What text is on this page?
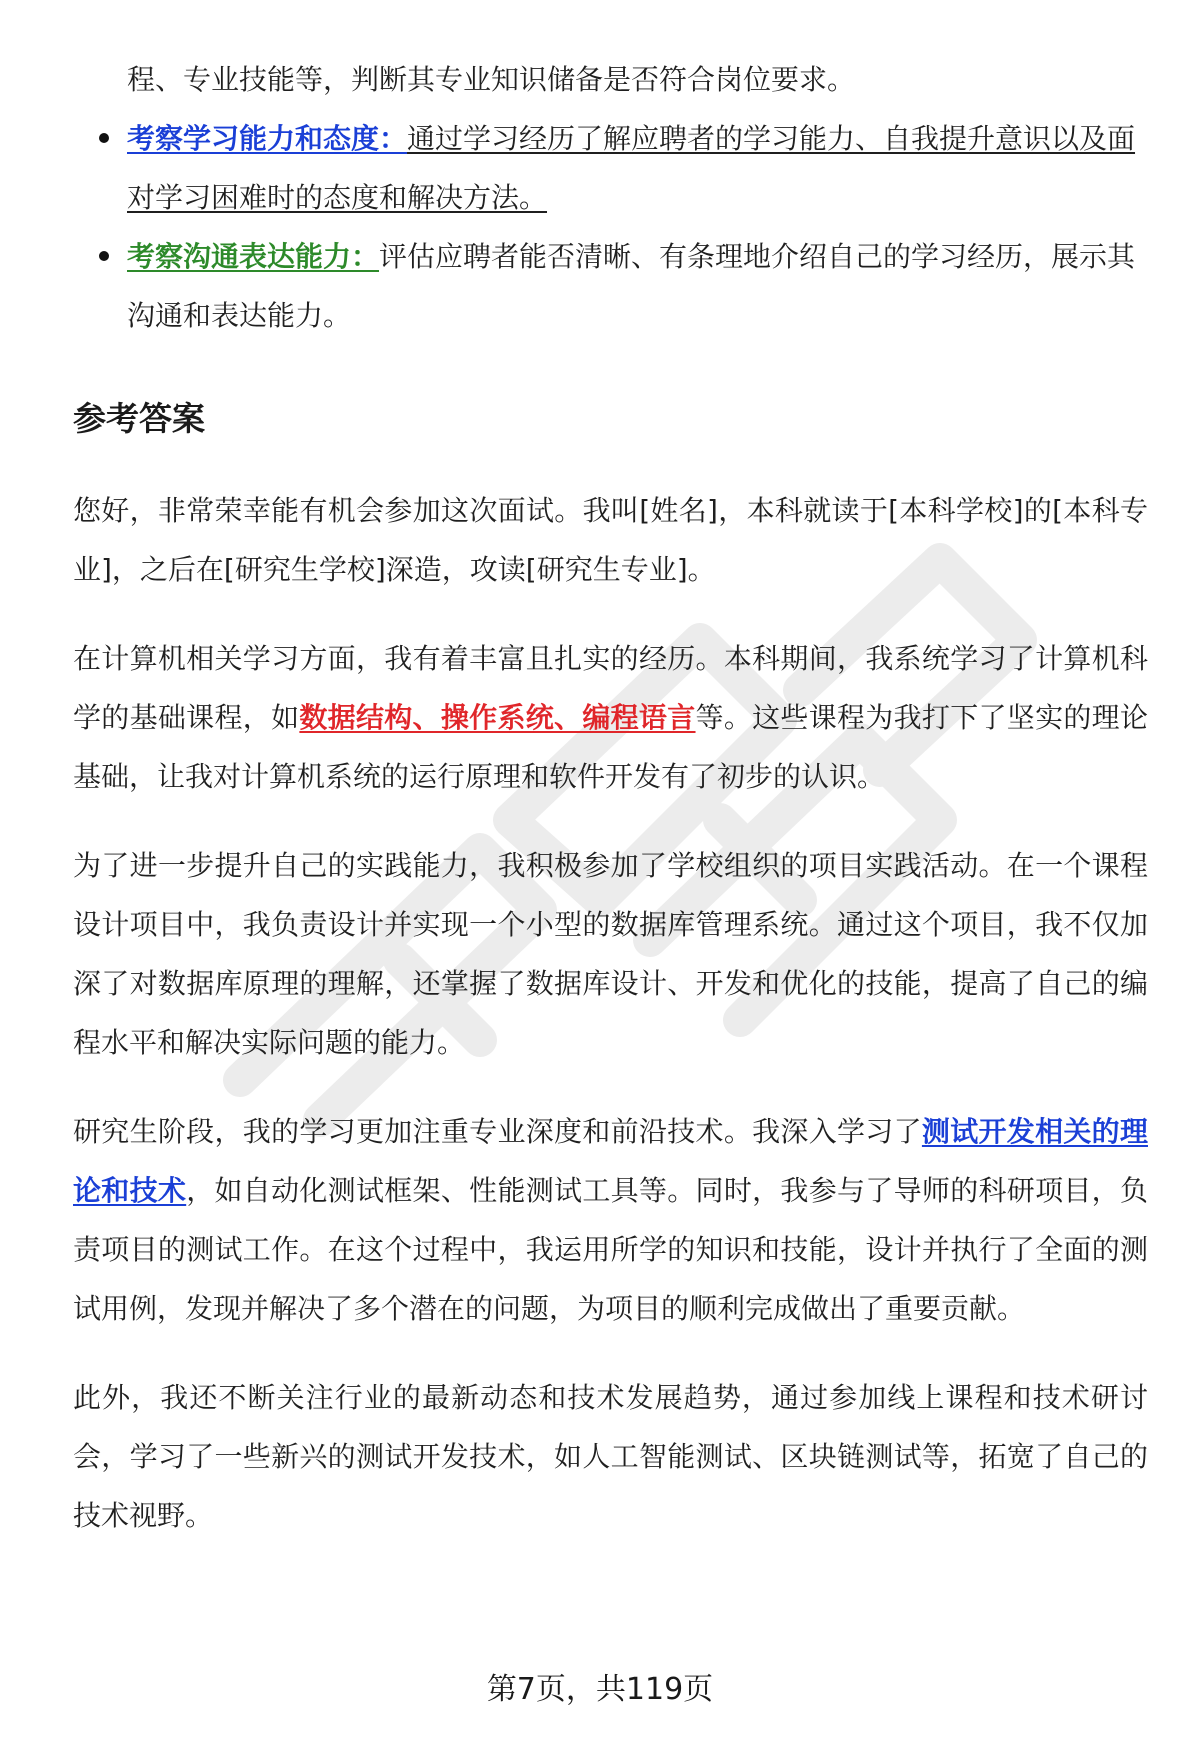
程、专业技能等，判断其专业知识储备是否符合岗位要求。

考察学习能力和态度：通过学习经历了解应聘者的学习能力、自我提升意识以及面对学习困难时的态度和解决方法。
考察沟通表达能力：评估应聘者能否清晰、有条理地介绍自己的学习经历，展示其沟通和表达能力。
参考答案

您好，非常荣幸能有机会参加这次面试。我叫[姓名]，本科就读于[本科学校]的[本科专业]，之后在[研究生学校]深造，攻读[研究生专业]。

在计算机相关学习方面，我有着丰富且扎实的经历。本科期间，我系统学习了计算机科学的基础课程，如数据结构、操作系统、编程语言等。这些课程为我打下了坚实的理论基础，让我对计算机系统的运行原理和软件开发有了初步的认识。

为了进一步提升自己的实践能力，我积极参加了学校组织的项目实践活动。在一个课程设计项目中，我负责设计并实现一个小型的数据库管理系统。通过这个项目，我不仅加深了对数据库原理的理解，还掌握了数据库设计、开发和优化的技能，提高了自己的编程水平和解决实际问题的能力。

研究生阶段，我的学习更加注重专业深度和前沿技术。我深入学习了测试开发相关的理论和技术，如自动化测试框架、性能测试工具等。同时，我参与了导师的科研项目，负责项目的测试工作。在这个过程中，我运用所学的知识和技能，设计并执行了全面的测试用例，发现并解决了多个潜在的问题，为项目的顺利完成做出了重要贡献。

此外，我还不断关注行业的最新动态和技术发展趋势，通过参加线上课程和技术研讨会，学习了一些新兴的测试开发技术，如人工智能测试、区块链测试等，拓宽了自己的技术视野。

第7页，共119页
